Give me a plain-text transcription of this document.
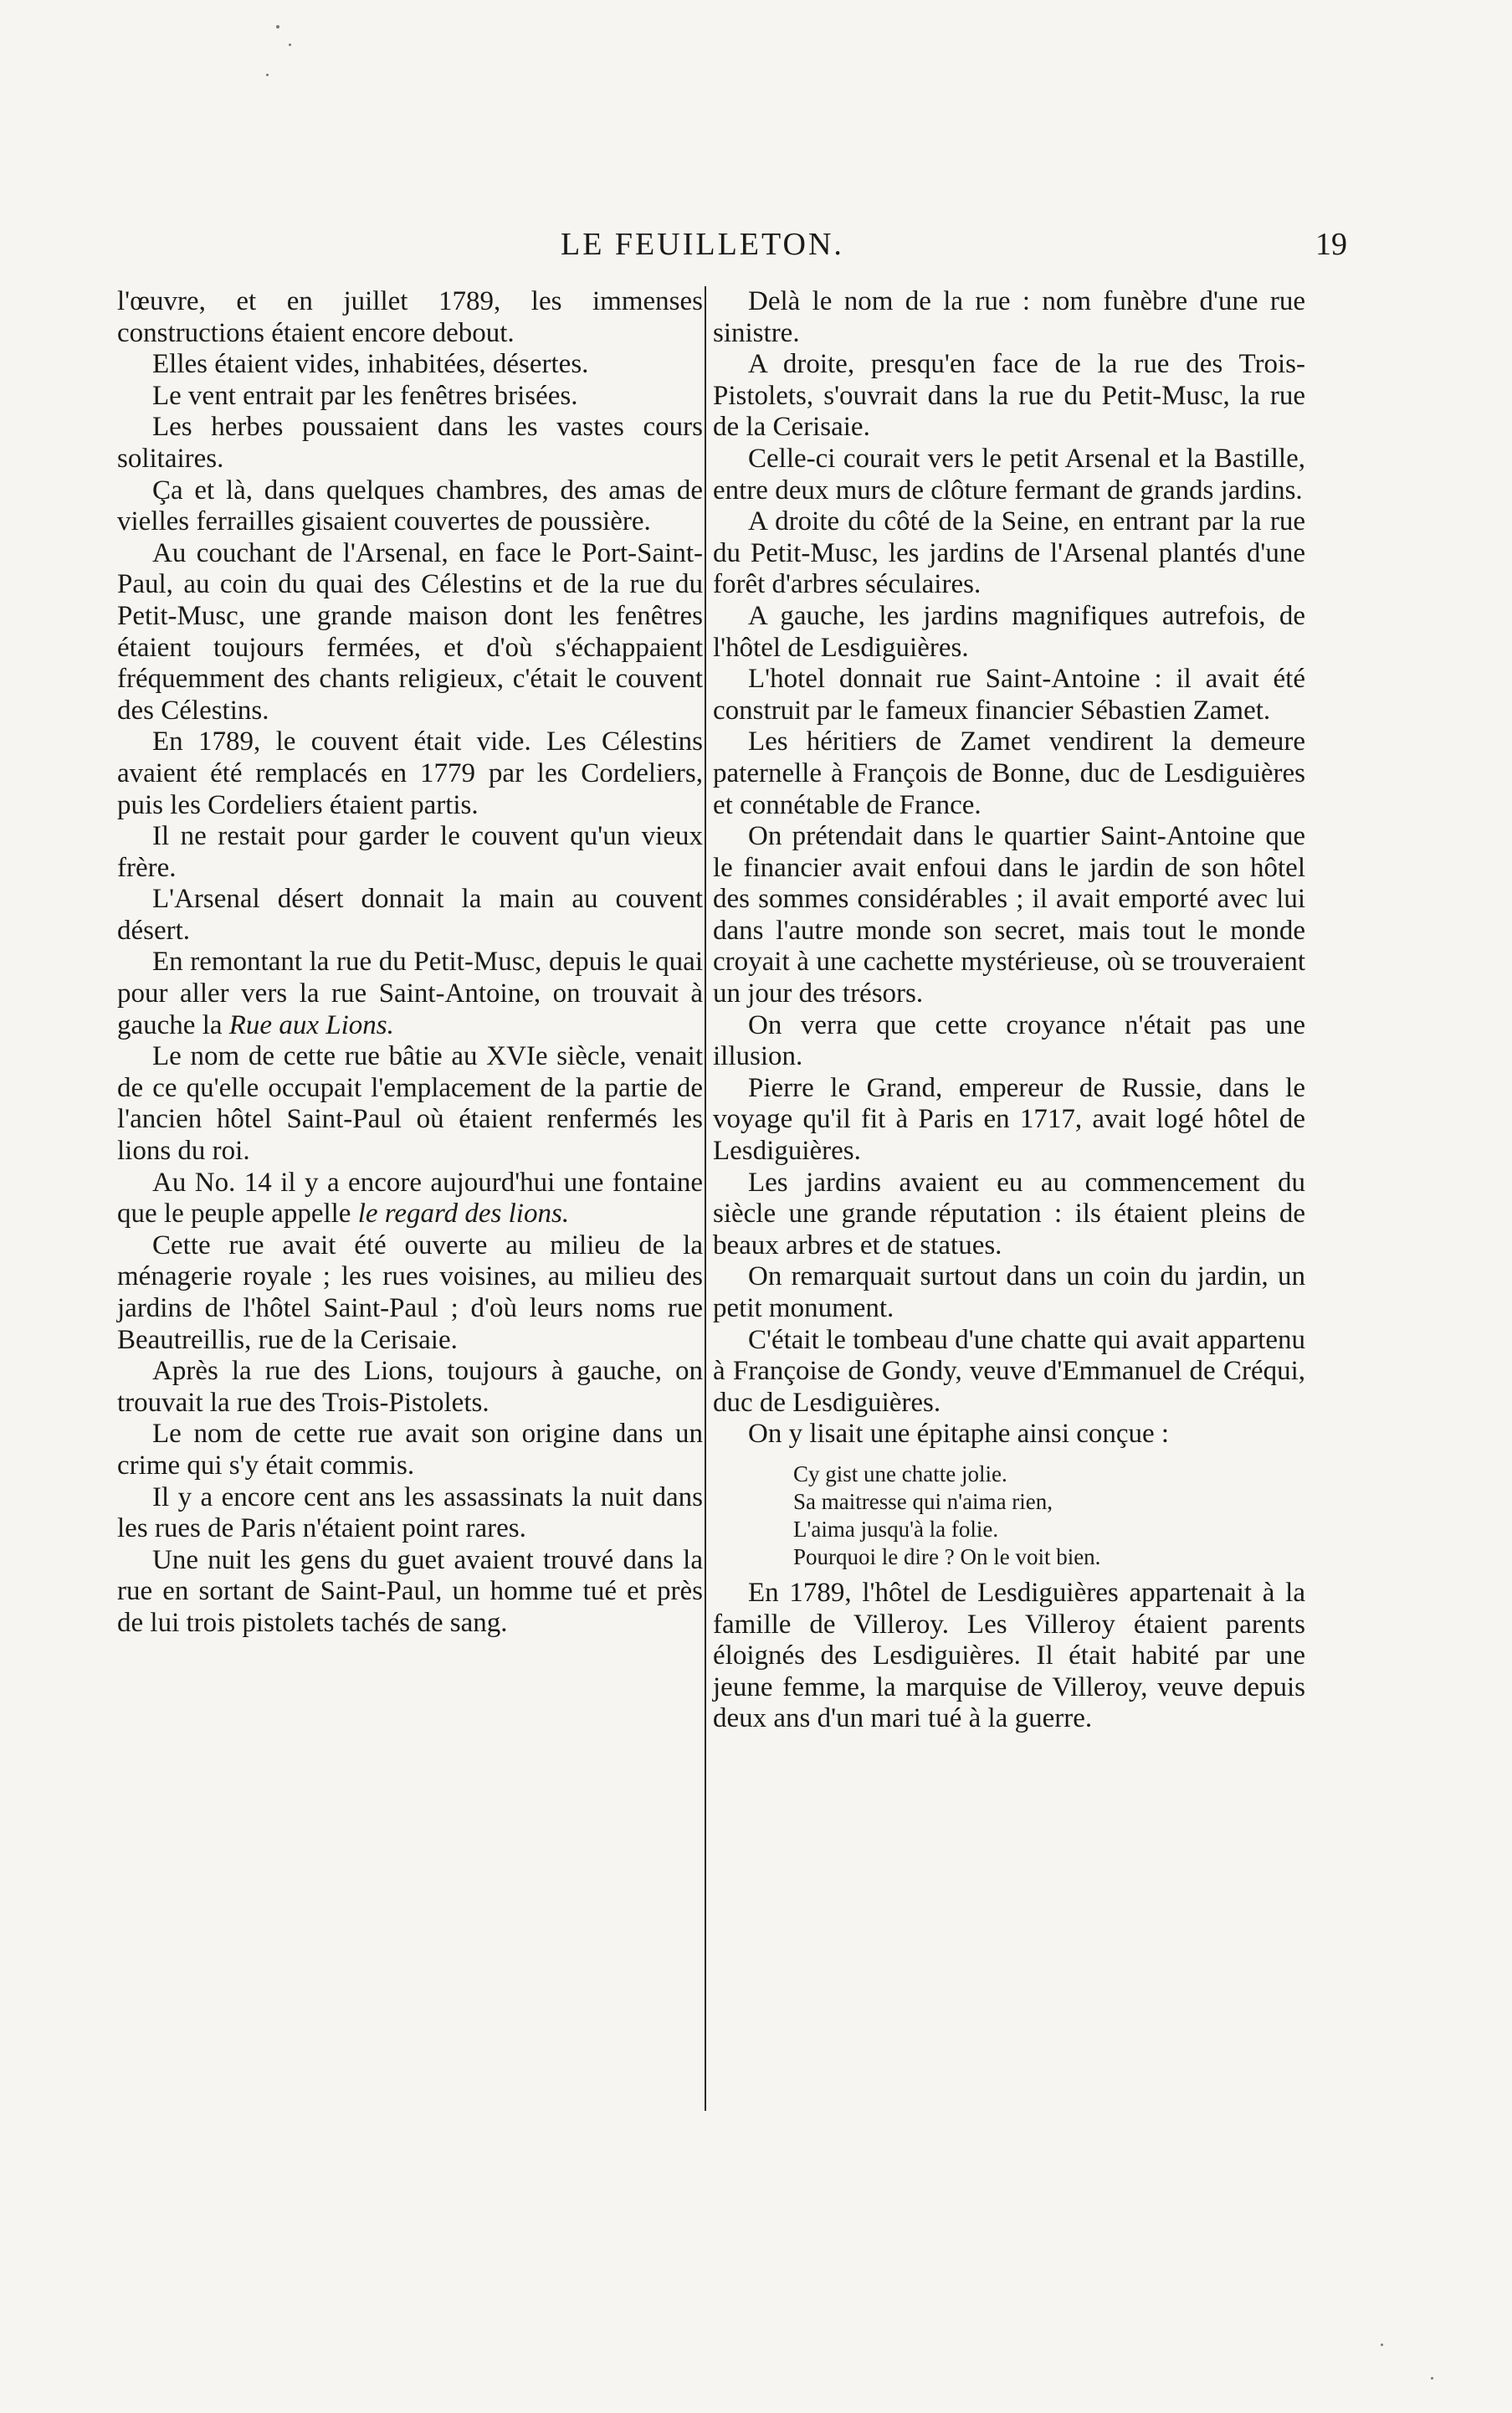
LE FEUILLETON.	19

l'œuvre, et en juillet 1789, les immenses constructions étaient encore debout.

Elles étaient vides, inhabitées, désertes.

Le vent entrait par les fenêtres brisées.

Les herbes poussaient dans les vastes cours solitaires.

Ça et là, dans quelques chambres, des amas de vielles ferrailles gisaient couvertes de poussière.

Au couchant de l'Arsenal, en face le Port-Saint-Paul, au coin du quai des Célestins et de la rue du Petit-Musc, une grande maison dont les fenêtres étaient toujours fermées, et d'où s'échappaient fréquemment des chants religieux, c'était le couvent des Célestins.

En 1789, le couvent était vide. Les Célestins avaient été remplacés en 1779 par les Cordeliers, puis les Cordeliers étaient partis.

Il ne restait pour garder le couvent qu'un vieux frère.

L'Arsenal désert donnait la main au couvent désert.

En remontant la rue du Petit-Musc, depuis le quai pour aller vers la rue Saint-Antoine, on trouvait à gauche la Rue aux Lions.

Le nom de cette rue bâtie au XVIe siècle, venait de ce qu'elle occupait l'emplacement de la partie de l'ancien hôtel Saint-Paul où étaient renfermés les lions du roi.

Au No. 14 il y a encore aujourd'hui une fontaine que le peuple appelle le regard des lions.

Cette rue avait été ouverte au milieu de la ménagerie royale ; les rues voisines, au milieu des jardins de l'hôtel Saint-Paul ; d'où leurs noms rue Beautreillis, rue de la Cerisaie.

Après la rue des Lions, toujours à gauche, on trouvait la rue des Trois-Pistolets.

Le nom de cette rue avait son origine dans un crime qui s'y était commis.

Il y a encore cent ans les assassinats la nuit dans les rues de Paris n'étaient point rares.

Une nuit les gens du guet avaient trouvé dans la rue en sortant de Saint-Paul, un homme tué et près de lui trois pistolets tachés de sang.

Delà le nom de la rue : nom funèbre d'une rue sinistre.

A droite, presqu'en face de la rue des Trois-Pistolets, s'ouvrait dans la rue du Petit-Musc, la rue de la Cerisaie.

Celle-ci courait vers le petit Arsenal et la Bastille, entre deux murs de clôture fermant de grands jardins.

A droite du côté de la Seine, en entrant par la rue du Petit-Musc, les jardins de l'Arsenal plantés d'une forêt d'arbres séculaires.

A gauche, les jardins magnifiques autrefois, de l'hôtel de Lesdiguières.

L'hotel donnait rue Saint-Antoine : il avait été construit par le fameux financier Sébastien Zamet.

Les héritiers de Zamet vendirent la demeure paternelle à François de Bonne, duc de Lesdiguières et connétable de France.

On prétendait dans le quartier Saint-Antoine que le financier avait enfoui dans le jardin de son hôtel des sommes considérables ; il avait emporté avec lui dans l'autre monde son secret, mais tout le monde croyait à une cachette mystérieuse, où se trouveraient un jour des trésors.

On verra que cette croyance n'était pas une illusion.

Pierre le Grand, empereur de Russie, dans le voyage qu'il fit à Paris en 1717, avait logé hôtel de Lesdiguières.

Les jardins avaient eu au commencement du siècle une grande réputation : ils étaient pleins de beaux arbres et de statues.

On remarquait surtout dans un coin du jardin, un petit monument.

C'était le tombeau d'une chatte qui avait appartenu à Françoise de Gondy, veuve d'Emmanuel de Créqui, duc de Lesdiguières.

On y lisait une épitaphe ainsi conçue :

Cy gist une chatte jolie.
Sa maitresse qui n'aima rien,
L'aima jusqu'à la folie.
Pourquoi le dire ? On le voit bien.

En 1789, l'hôtel de Lesdiguières appartenait à la famille de Villeroy. Les Villeroy étaient parents éloignés des Lesdiguières. Il était habité par une jeune femme, la marquise de Villeroy, veuve depuis deux ans d'un mari tué à la guerre.
